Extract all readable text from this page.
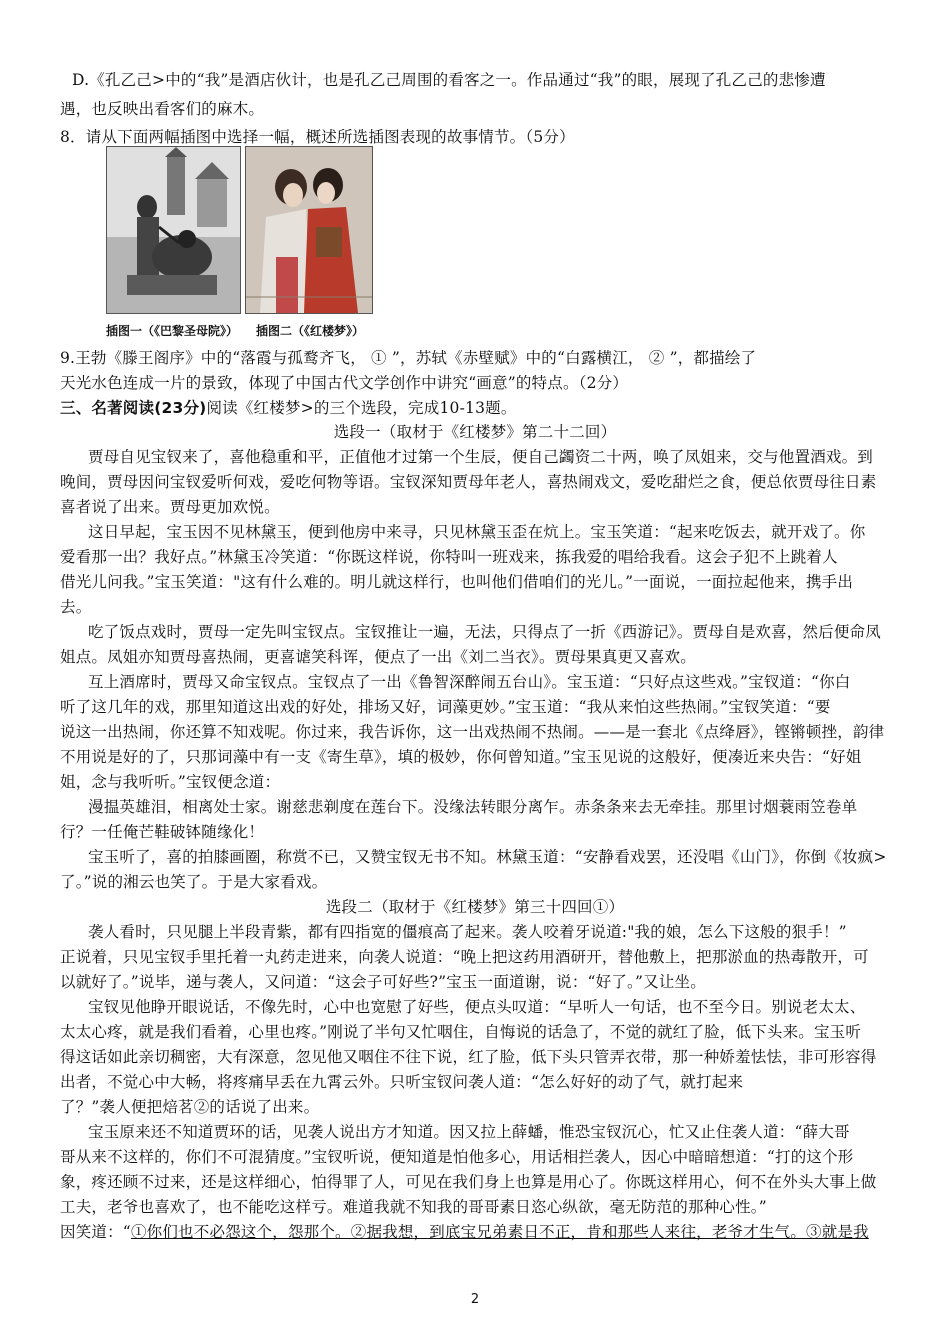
D.《孔乙己>中的“我”是酒店伙计，也是孔乙己周围的看客之一。作品通过“我”的眼，展现了孔乙己的悲惨遭
遇，也反映出看客们的麻木。
8．请从下面两幅插图中选择一幅，概述所选插图表现的故事情节。（5分）
插图一（《巴黎圣母院》） 插图二（《红楼梦》）
9.王勃《滕王阁序》中的“落霞与孤鹜齐飞， ① ”，苏轼《赤壁赋》中的“白露横江， ② ”，都描绘了
天光水色连成一片的景致，体现了中国古代文学创作中讲究“画意”的特点。（2分）
三、名著阅读(23分)阅读《红楼梦>的三个选段，完成10-13题。
选段一（取材于《红楼梦》第二十二回）
贾母自见宝钗来了，喜他稳重和平，正值他才过第一个生辰，便自己蠲资二十两，唤了凤姐来，交与他置酒戏。到
晚间，贾母因问宝钗爱听何戏，爱吃何物等语。宝钗深知贾母年老人，喜热闹戏文，爱吃甜烂之食，便总依贾母往日素
喜者说了出来。贾母更加欢悦。
这日早起，宝玉因不见林黛玉，便到他房中来寻，只见林黛玉歪在炕上。宝玉笑道：“起来吃饭去，就开戏了。你
爱看那一出？我好点。”林黛玉冷笑道：“你既这样说，你特叫一班戏来，拣我爱的唱给我看。这会子犯不上跳着人
借光儿问我。”宝玉笑道："这有什么难的。明儿就这样行，也叫他们借咱们的光儿。”一面说，一面拉起他来，携手出
去。
吃了饭点戏时，贾母一定先叫宝钗点。宝钗推让一遍，无法，只得点了一折《西游记》。贾母自是欢喜，然后便命凤
姐点。凤姐亦知贾母喜热闹，更喜谑笑科诨，便点了一出《刘二当衣》。贾母果真更又喜欢。
互上酒席时，贾母又命宝钗点。宝钗点了一出《鲁智深醉闹五台山》。宝玉道：“只好点这些戏。”宝钗道：“你白
听了这几年的戏，那里知道这出戏的好处，排场又好，词藻更妙。”宝玉道：“我从来怕这些热闹。”宝钗笑道：“要
说这一出热闹，你还算不知戏呢。你过来，我告诉你，这一出戏热闹不热闹。——是一套北《点绛唇》，铿锵顿挫，韵律
不用说是好的了，只那词藻中有一支《寄生草》，填的极妙，你何曾知道。”宝玉见说的这般好，便凑近来央告：“好姐
姐，念与我听听。”宝钗便念道：
漫揾英雄泪，相离处士家。谢慈悲剃度在莲台下。没缘法转眼分离乍。赤条条来去无牵挂。那里讨烟蓑雨笠卷单
行？一任俺芒鞋破钵随缘化！
宝玉听了，喜的拍膝画圈，称赏不已，又赞宝钗无书不知。林黛玉道：“安静看戏罢，还没唱《山门》，你倒《妆疯>
了。”说的湘云也笑了。于是大家看戏。
选段二（取材于《红楼梦》第三十四回①）
袭人看时，只见腿上半段青紫，都有四指宽的僵痕高了起来。袭人咬着牙说道:"我的娘，怎么下这般的狠手！”
正说着，只见宝钗手里托着一丸药走进来，向袭人说道：“晚上把这药用酒研开，替他敷上，把那淤血的热毒散开，可
以就好了。”说毕，递与袭人，又问道：“这会子可好些?”宝玉一面道谢，说：“好了。”又让坐。
宝钗见他睁开眼说话，不像先时，心中也宽慰了好些，便点头叹道：“早听人一句话，也不至今日。别说老太太、
太太心疼，就是我们看着，心里也疼。”刚说了半句又忙咽住，自悔说的话急了，不觉的就红了脸，低下头来。宝玉听
得这话如此亲切稠密，大有深意，忽见他又咽住不往下说，红了脸，低下头只管弄衣带，那一种娇羞怯怯，非可形容得
出者，不觉心中大畅，将疼痛早丢在九霄云外。只听宝钗问袭人道：“怎么好好的动了气，就打起来
了？”袭人便把焙茗②的话说了出来。
宝玉原来还不知道贾环的话，见袭人说出方才知道。因又拉上薛蟠，惟恐宝钗沉心，忙又止住袭人道：“薛大哥
哥从来不这样的，你们不可混猜度。”宝钗听说，便知道是怕他多心，用话相拦袭人，因心中暗暗想道：“打的这个形
象，疼还顾不过来，还是这样细心，怕得罪了人，可见在我们身上也算是用心了。你既这样用心，何不在外头大事上做
工夫，老爷也喜欢了，也不能吃这样亏。难道我就不知我的哥哥素日恣心纵欲，毫无防范的那种心性。”
因笑道：“①你们也不必怨这个，怨那个。②据我想，到底宝兄弟素日不正，肯和那些人来往，老爷才生气。③就是我
2
